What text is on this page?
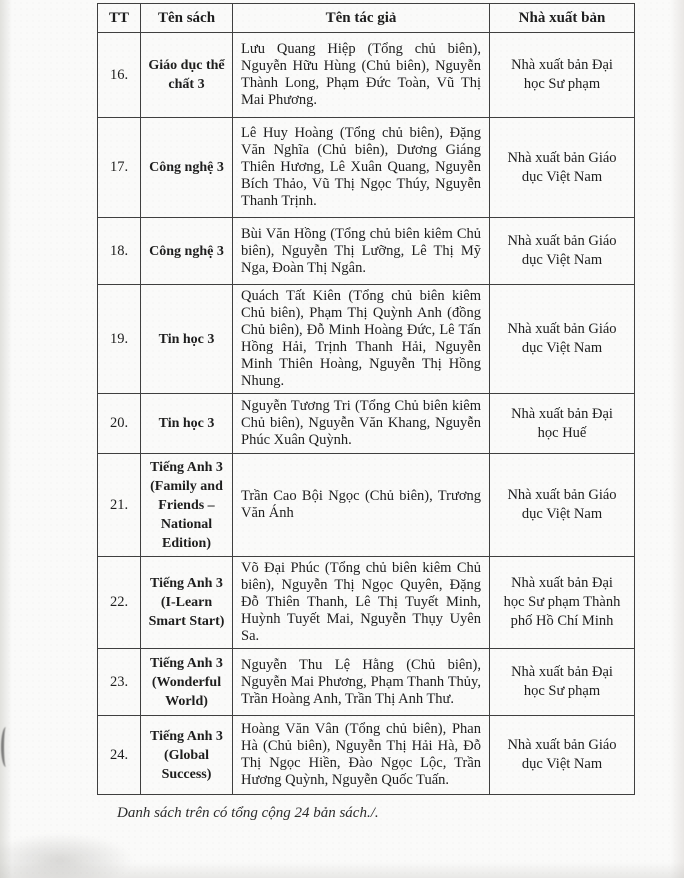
TT	Tên sách	Tên tác giả	Nhà xuất bản
16.	Giáo dục thể chất 3	Lưu Quang Hiệp (Tổng chủ biên), Nguyễn Hữu Hùng (Chủ biên), Nguyễn Thành Long, Phạm Đức Toàn, Vũ Thị Mai Phương.	Nhà xuất bản Đại học Sư phạm
17.	Công nghệ 3	Lê Huy Hoàng (Tổng chủ biên), Đặng Văn Nghĩa (Chủ biên), Dương Giáng Thiên Hương, Lê Xuân Quang, Nguyễn Bích Thảo, Vũ Thị Ngọc Thúy, Nguyễn Thanh Trịnh.	Nhà xuất bản Giáo dục Việt Nam
18.	Công nghệ 3	Bùi Văn Hồng (Tổng chủ biên kiêm Chủ biên), Nguyễn Thị Lưỡng, Lê Thị Mỹ Nga, Đoàn Thị Ngân.	Nhà xuất bản Giáo dục Việt Nam
19.	Tin học 3	Quách Tất Kiên (Tổng chủ biên kiêm Chủ biên), Phạm Thị Quỳnh Anh (đồng Chủ biên), Đỗ Minh Hoàng Đức, Lê Tấn Hồng Hải, Trịnh Thanh Hải, Nguyễn Minh Thiên Hoàng, Nguyễn Thị Hồng Nhung.	Nhà xuất bản Giáo dục Việt Nam
20.	Tin học 3	Nguyễn Tương Tri (Tổng Chủ biên kiêm Chủ biên), Nguyễn Văn Khang, Nguyễn Phúc Xuân Quỳnh.	Nhà xuất bản Đại học Huế
21.	Tiếng Anh 3 (Family and Friends – National Edition)	Trần Cao Bội Ngọc (Chủ biên), Trương Văn Ánh	Nhà xuất bản Giáo dục Việt Nam
22.	Tiếng Anh 3 (I-Learn Smart Start)	Võ Đại Phúc (Tổng chủ biên kiêm Chủ biên), Nguyễn Thị Ngọc Quyên, Đặng Đỗ Thiên Thanh, Lê Thị Tuyết Minh, Huỳnh Tuyết Mai, Nguyễn Thụy Uyên Sa.	Nhà xuất bản Đại học Sư phạm Thành phố Hồ Chí Minh
23.	Tiếng Anh 3 (Wonderful World)	Nguyễn Thu Lệ Hằng (Chủ biên), Nguyễn Mai Phương, Phạm Thanh Thủy, Trần Hoàng Anh, Trần Thị Anh Thư.	Nhà xuất bản Đại học Sư phạm
24.	Tiếng Anh 3 (Global Success)	Hoàng Văn Vân (Tổng chủ biên), Phan Hà (Chủ biên), Nguyễn Thị Hải Hà, Đỗ Thị Ngọc Hiền, Đào Ngọc Lộc, Trần Hương Quỳnh, Nguyễn Quốc Tuấn.	Nhà xuất bản Giáo dục Việt Nam

Danh sách trên có tổng cộng 24 bản sách./.
